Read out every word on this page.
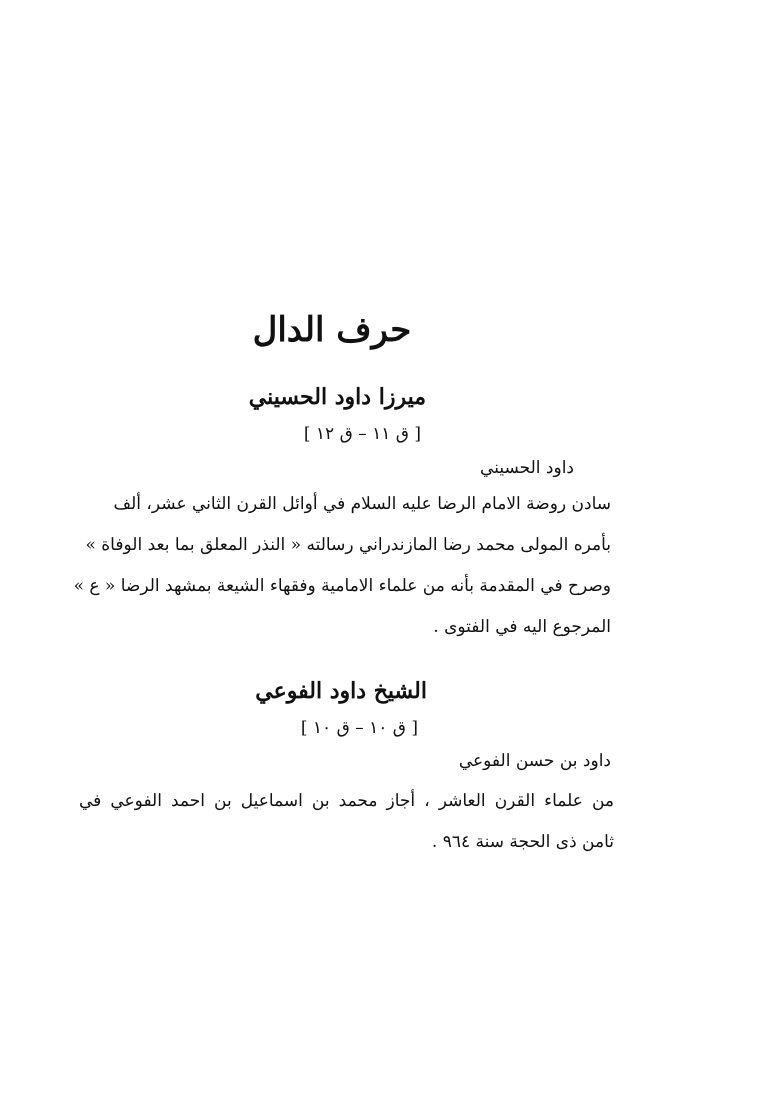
حرف الدال
ميرزا داود الحسيني
[ ق ١١ – ق ١٢ ]
داود الحسيني

سادن روضة الامام الرضا عليه السلام في أوائل القرن الثاني عشر، ألف
بأمره المولى محمد رضا المازندراني رسالته « النذر المعلق بما بعد الوفاة »
وصرح في المقدمة بأنه من علماء الامامية وفقهاء الشيعة بمشهد الرضا « ع »
المرجوع اليه في الفتوى .

الشيخ داود الفوعي
[ ق ١٠ – ق ١٠ ]
داود بن حسن الفوعي

من علماء القرن العاشر ، أجاز محمد بن اسماعيل بن احمد الفوعي في
ثامن ذى الحجة سنة ٩٦٤ .
